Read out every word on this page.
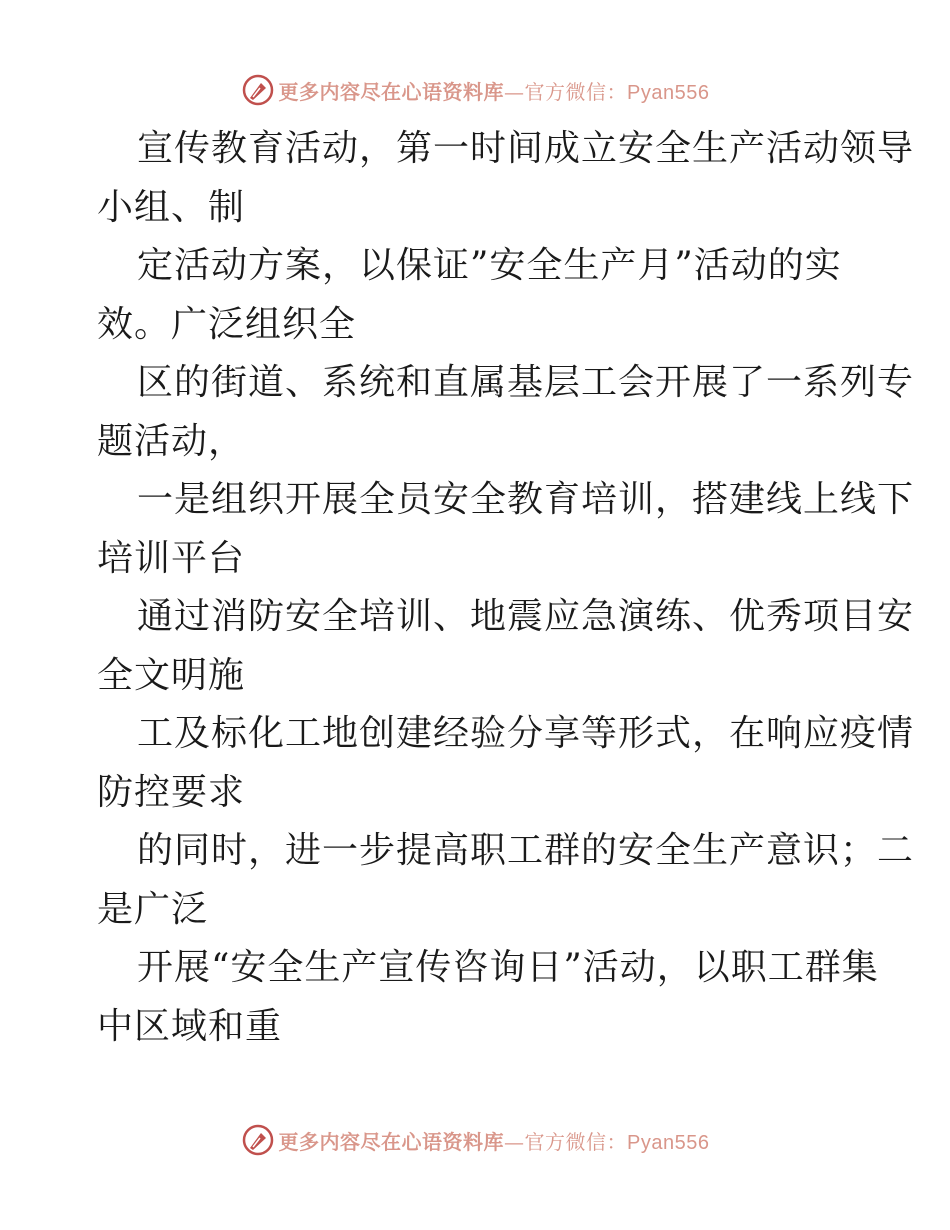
更多内容尽在心语资料库—官方微信：Pyan556

宣传教育活动，第一时间成立安全生产活动领导
小组、制

定活动方案，以保证”安全生产月”活动的实
效。广泛组织全

区的街道、系统和直属基层工会开展了一系列专
题活动，

一是组织开展全员安全教育培训，搭建线上线下
培训平台

通过消防安全培训、地震应急演练、优秀项目安
全文明施

工及标化工地创建经验分享等形式，在响应疫情
防控要求

的同时，进一步提高职工群的安全生产意识；二
是广泛

开展“安全生产宣传咨询日”活动，以职工群集
中区域和重

更多内容尽在心语资料库—官方微信：Pyan556
